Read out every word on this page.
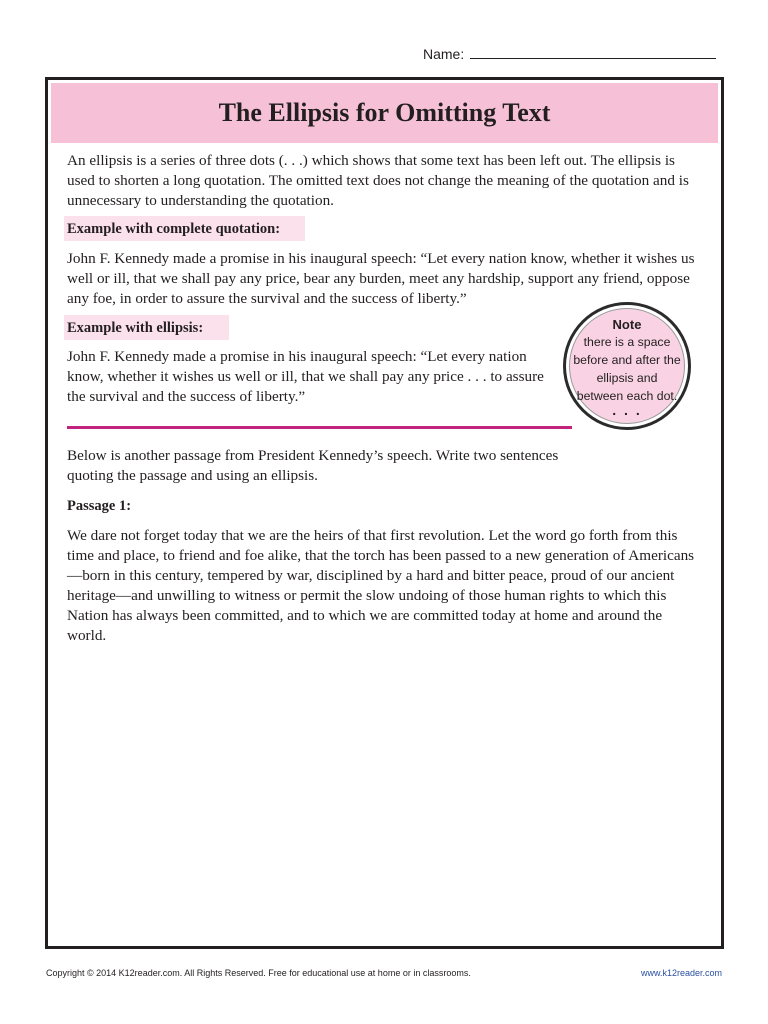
Name:
The Ellipsis for Omitting Text

An ellipsis is a series of three dots (. . .) which shows that some text has been left out. The ellipsis is used to shorten a long quotation. The omitted text does not change the meaning of the quotation and is unnecessary to understanding the quotation.

Example with complete quotation:

John F. Kennedy made a promise in his inaugural speech: “Let every nation know, whether it wishes us well or ill, that we shall pay any price, bear any burden, meet any hardship, support any friend, oppose any foe, in order to assure the survival and the success of liberty.”

Example with ellipsis:

John F. Kennedy made a promise in his inaugural speech: “Let every nation know, whether it wishes us well or ill, that we shall pay any price . . . to assure the survival and the success of liberty.”

Below is another passage from President Kennedy’s speech. Write two sentences quoting the passage and using an ellipsis.

Passage 1:

We dare not forget today that we are the heirs of that first revolution. Let the word go forth from this time and place, to friend and foe alike, that the torch has been passed to a new generation of Americans—born in this century, tempered by war, disciplined by a hard and bitter peace, proud of our ancient heritage—and unwilling to witness or permit the slow undoing of those human rights to which this Nation has always been committed, and to which we are committed today at home and around the world.

Note
there is a space before and after the ellipsis and between each dot.
. . .
Copyright © 2014 K12reader.com. All Rights Reserved. Free for educational use at home or in classrooms.	www.k12reader.com
